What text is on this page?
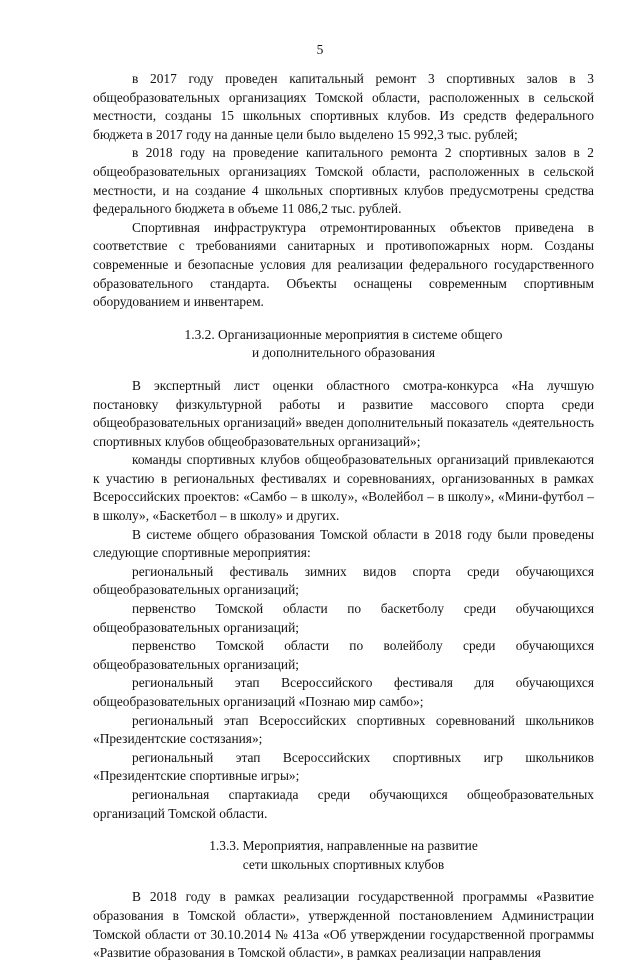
5

в 2017 году проведен капитальный ремонт 3 спортивных залов в 3 общеобразовательных организациях Томской области, расположенных в сельской местности, созданы 15 школьных спортивных клубов. Из средств федерального бюджета в 2017 году на данные цели было выделено 15 992,3 тыс. рублей;

в 2018 году на проведение капитального ремонта 2 спортивных залов в 2 общеобразовательных организациях Томской области, расположенных в сельской местности, и на создание 4 школьных спортивных клубов предусмотрены средства федерального бюджета в объеме 11 086,2 тыс. рублей.

Спортивная инфраструктура отремонтированных объектов приведена в соответствие с требованиями санитарных и противопожарных норм. Созданы современные и безопасные условия для реализации федерального государственного образовательного стандарта. Объекты оснащены современным спортивным оборудованием и инвентарем.

1.3.2. Организационные мероприятия в системе общего
и дополнительного образования

В экспертный лист оценки областного смотра-конкурса «На лучшую постановку физкультурной работы и развитие массового спорта среди общеобразовательных организаций» введен дополнительный показатель «деятельность спортивных клубов общеобразовательных организаций»;

команды спортивных клубов общеобразовательных организаций привлекаются к участию в региональных фестивалях и соревнованиях, организованных в рамках Всероссийских проектов: «Самбо – в школу», «Волейбол – в школу», «Мини-футбол – в школу», «Баскетбол – в школу» и других.

В системе общего образования Томской области в 2018 году были проведены следующие спортивные мероприятия:

региональный фестиваль зимних видов спорта среди обучающихся общеобразовательных организаций;

первенство Томской области по баскетболу среди обучающихся общеобразовательных организаций;

первенство Томской области по волейболу среди обучающихся общеобразовательных организаций;

региональный этап Всероссийского фестиваля для обучающихся общеобразовательных организаций «Познаю мир самбо»;

региональный этап Всероссийских спортивных соревнований школьников «Президентские состязания»;

региональный этап Всероссийских спортивных игр школьников «Президентские спортивные игры»;

региональная спартакиада среди обучающихся общеобразовательных организаций Томской области.

1.3.3. Мероприятия, направленные на развитие
сети школьных спортивных клубов

В 2018 году в рамках реализации государственной программы «Развитие образования в Томской области», утвержденной постановлением Администрации Томской области от 30.10.2014 № 413а «Об утверждении государственной программы «Развитие образования в Томской области», в рамках реализации направления
